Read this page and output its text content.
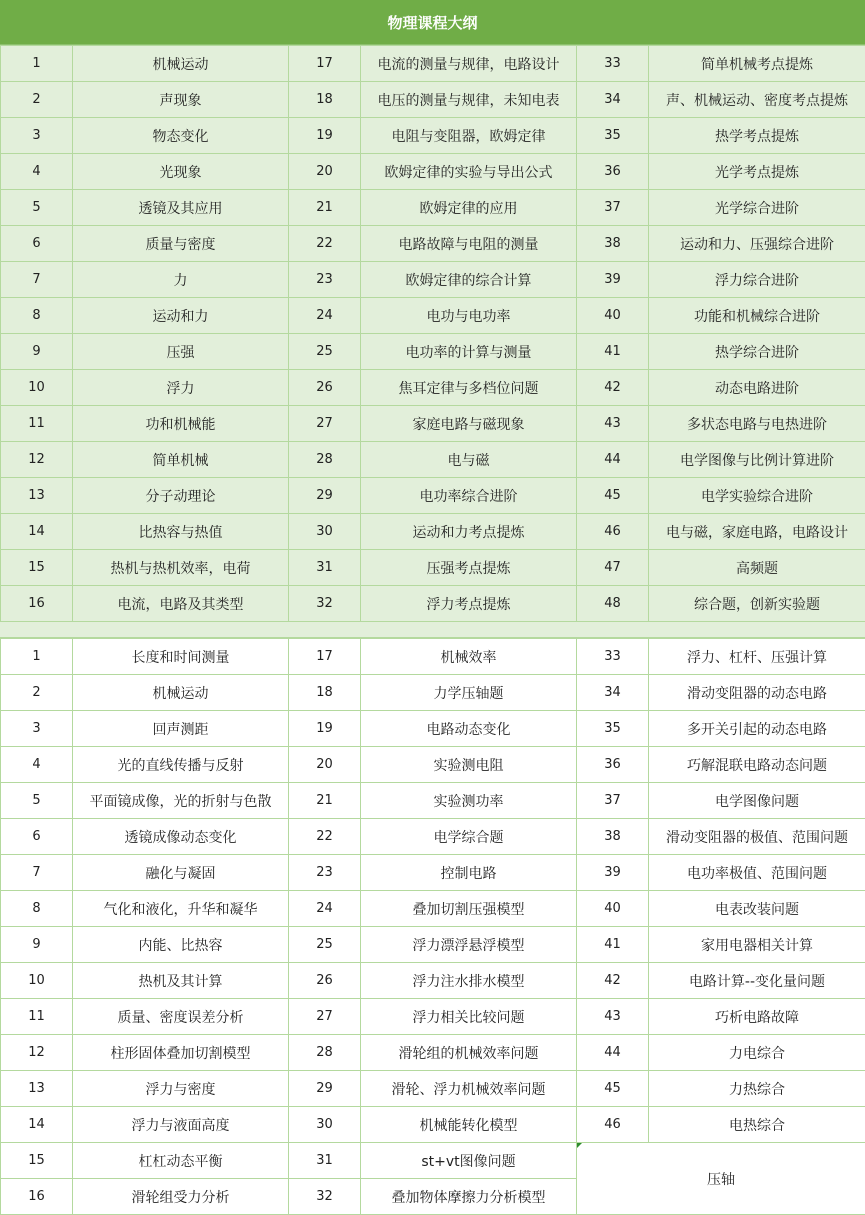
物理课程大纲
1	机械运动	17	电流的测量与规律，电路设计	33	简单机械考点提炼
2	声现象	18	电压的测量与规律，未知电表	34	声、机械运动、密度考点提炼
3	物态变化	19	电阻与变阻器，欧姆定律	35	热学考点提炼
4	光现象	20	欧姆定律的实验与导出公式	36	光学考点提炼
5	透镜及其应用	21	欧姆定律的应用	37	光学综合进阶
6	质量与密度	22	电路故障与电阻的测量	38	运动和力、压强综合进阶
7	力	23	欧姆定律的综合计算	39	浮力综合进阶
8	运动和力	24	电功与电功率	40	功能和机械综合进阶
9	压强	25	电功率的计算与测量	41	热学综合进阶
10	浮力	26	焦耳定律与多档位问题	42	动态电路进阶
11	功和机械能	27	家庭电路与磁现象	43	多状态电路与电热进阶
12	简单机械	28	电与磁	44	电学图像与比例计算进阶
13	分子动理论	29	电功率综合进阶	45	电学实验综合进阶
14	比热容与热值	30	运动和力考点提炼	46	电与磁，家庭电路，电路设计
15	热机与热机效率，电荷	31	压强考点提炼	47	高频题
16	电流，电路及其类型	32	浮力考点提炼	48	综合题，创新实验题
1	长度和时间测量	17	机械效率	33	浮力、杠杆、压强计算
2	机械运动	18	力学压轴题	34	滑动变阻器的动态电路
3	回声测距	19	电路动态变化	35	多开关引起的动态电路
4	光的直线传播与反射	20	实验测电阻	36	巧解混联电路动态问题
5	平面镜成像，光的折射与色散	21	实验测功率	37	电学图像问题
6	透镜成像动态变化	22	电学综合题	38	滑动变阻器的极值、范围问题
7	融化与凝固	23	控制电路	39	电功率极值、范围问题
8	气化和液化，升华和凝华	24	叠加切割压强模型	40	电表改装问题
9	内能、比热容	25	浮力漂浮悬浮模型	41	家用电器相关计算
10	热机及其计算	26	浮力注水排水模型	42	电路计算--变化量问题
11	质量、密度误差分析	27	浮力相关比较问题	43	巧析电路故障
12	柱形固体叠加切割模型	28	滑轮组的机械效率问题	44	力电综合
13	浮力与密度	29	滑轮、浮力机械效率问题	45	力热综合
14	浮力与液面高度	30	机械能转化模型	46	电热综合
15	杠杠动态平衡	31	st+vt图像问题	压轴	
16	滑轮组受力分析	32	叠加物体摩擦力分析模型		
